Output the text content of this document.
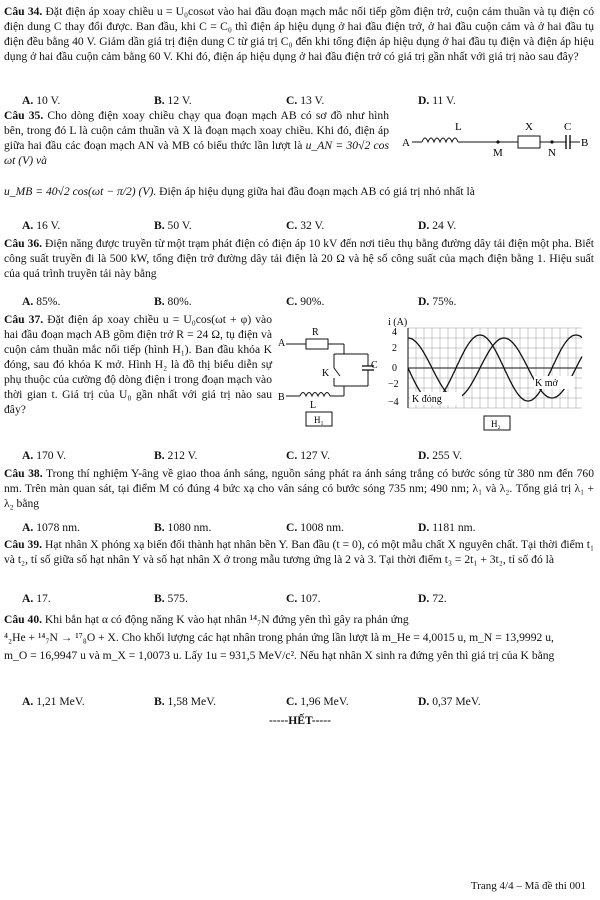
Câu 34. Đặt điện áp xoay chiều u = U₀cosωt vào hai đầu đoạn mạch mắc nối tiếp gồm điện trở, cuộn cảm thuần và tụ điện có điện dung C thay đổi được. Ban đầu, khi C = C₀ thì điện áp hiệu dụng ở hai đầu điện trở, ở hai đầu cuộn cảm và ở hai đầu tụ điện đều bằng 40 V. Giảm dần giá trị điện dung C từ giá trị C₀ đến khi tổng điện áp hiệu dụng ở hai đầu tụ điện và điện áp hiệu dụng ở hai đầu cuộn cảm bằng 60 V. Khi đó, điện áp hiệu dụng ở hai đầu điện trở có giá trị gần nhất với giá trị nào sau đây?

A. 10 V.	B. 12 V.	C. 13 V.	D. 11 V.

Câu 35. Cho dòng điện xoay chiều chạy qua đoạn mạch AB có sơ đồ như hình bên, trong đó L là cuộn cảm thuần và X là đoạn mạch xoay chiều. Khi đó, điện áp giữa hai đầu các đoạn mạch AN và MB có biểu thức lần lượt là u_AN = 30√2 cos ωt (V) và

A
L
M
X
N
C
B

u_MB = 40√2 cos(ωt − π/2) (V). Điện áp hiệu dụng giữa hai đầu đoạn mạch AB có giá trị nhỏ nhất là

A. 16 V.	B. 50 V.	C. 32 V.	D. 24 V.

Câu 36. Điện năng được truyền từ một trạm phát điện có điện áp 10 kV đến nơi tiêu thụ bằng đường dây tải điện một pha. Biết công suất truyền đi là 500 kW, tổng điện trở đường dây tải điện là 20 Ω và hệ số công suất của mạch điện bằng 1. Hiệu suất của quá trình truyền tải này bằng

A. 85%.	B. 80%.	C. 90%.	D. 75%.

Câu 37. Đặt điện áp xoay chiều u = U₀cos(ωt + φ) vào hai đầu đoạn mạch AB gồm điện trở R = 24 Ω, tụ điện và cuộn cảm thuần mắc nối tiếp (hình H₁). Ban đầu khóa K đóng, sau đó khóa K mở. Hình H₂ là đồ thị biểu diễn sự phụ thuộc của cường độ dòng điện i trong đoạn mạch vào thời gian t. Giá trị của U₀ gần nhất với giá trị nào sau đây?

A
R
K
C
B
L
H₁
i (A)
4
2
0
−2
−4 K đóng
K mở
H₂
A. 170 V.	B. 212 V.	C. 127 V.	D. 255 V.

Câu 38. Trong thí nghiệm Y-âng về giao thoa ánh sáng, nguồn sáng phát ra ánh sáng trắng có bước sóng từ 380 nm đến 760 nm. Trên màn quan sát, tại điểm M có đúng 4 bức xạ cho vân sáng có bước sóng 735 nm; 490 nm; λ₁ và λ₂. Tổng giá trị λ₁ + λ₂ bằng

A. 1078 nm.	B. 1080 nm.	C. 1008 nm.	D. 1181 nm.

Câu 39. Hạt nhân X phóng xạ biến đổi thành hạt nhân bền Y. Ban đầu (t = 0), có một mẫu chất X nguyên chất. Tại thời điểm t₁ và t₂, tỉ số giữa số hạt nhân Y và số hạt nhân X ở trong mẫu tương ứng là 2 và 3. Tại thời điểm t₃ = 2t₁ + 3t₂, tỉ số đó là

A. 17.	B. 575.	C. 107.	D. 72.

Câu 40. Khi bắn hạt α có động năng K vào hạt nhân ¹⁴₇N đứng yên thì gây ra phản ứng

⁴₂He + ¹⁴₇N → ¹⁷₈O + X. Cho khối lượng các hạt nhân trong phản ứng lần lượt là m_He = 4,0015 u, m_N = 13,9992 u,

m_O = 16,9947 u và m_X = 1,0073 u. Lấy 1u = 931,5 MeV/c². Nếu hạt nhân X sinh ra đứng yên thì giá trị của K bằng

A. 1,21 MeV.	B. 1,58 MeV.	C. 1,96 MeV.	D. 0,37 MeV.
-----HẾT-----
Trang 4/4 – Mã đề thi 001
